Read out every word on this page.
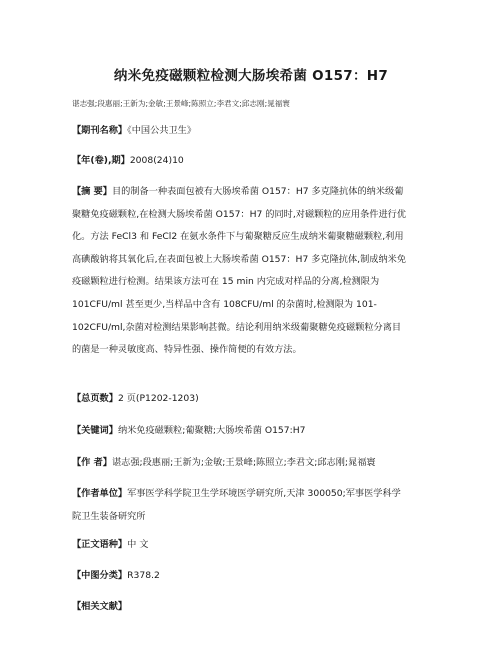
纳米免疫磁颗粒检测大肠埃希菌 O157：H7
谌志强;段惠丽;王新为;金敏;王景峰;陈照立;李君文;邱志刚;晁福寰
【期刊名称】《中国公共卫生》
【年(卷),期】2008(24)10
【摘 要】目的制备一种表面包被有大肠埃希菌 O157：H7 多克隆抗体的纳米级葡
聚糖免疫磁颗粒,在检测大肠埃希菌 O157：H7 的同时,对磁颗粒的应用条件进行优
化。方法 FeCl3 和 FeCl2 在氨水条件下与葡聚糖反应生成纳米葡聚糖磁颗粒,利用
高碘酸钠将其氧化后,在表面包被上大肠埃希菌 O157：H7 多克隆抗体,制成纳米免
疫磁颗粒进行检测。结果该方法可在 15 min 内完成对样品的分离,检测限为
101CFU/ml 甚至更少,当样品中含有 108CFU/ml 的杂菌时,检测限为 101-
102CFU/ml,杂菌对检测结果影响甚微。结论利用纳米级葡聚糖免疫磁颗粒分离目
的菌是一种灵敏度高、特异性强、操作简便的有效方法。
【总页数】2 页(P1202-1203)
【关键词】纳米免疫磁颗粒;葡聚糖;大肠埃希菌 O157:H7
【作 者】谌志强;段惠丽;王新为;金敏;王景峰;陈照立;李君文;邱志刚;晁福寰
【作者单位】军事医学科学院卫生学环境医学研究所,天津 300050;军事医学科学
院卫生装备研究所
【正文语种】中 文
【中图分类】R378.2
【相关文献】
